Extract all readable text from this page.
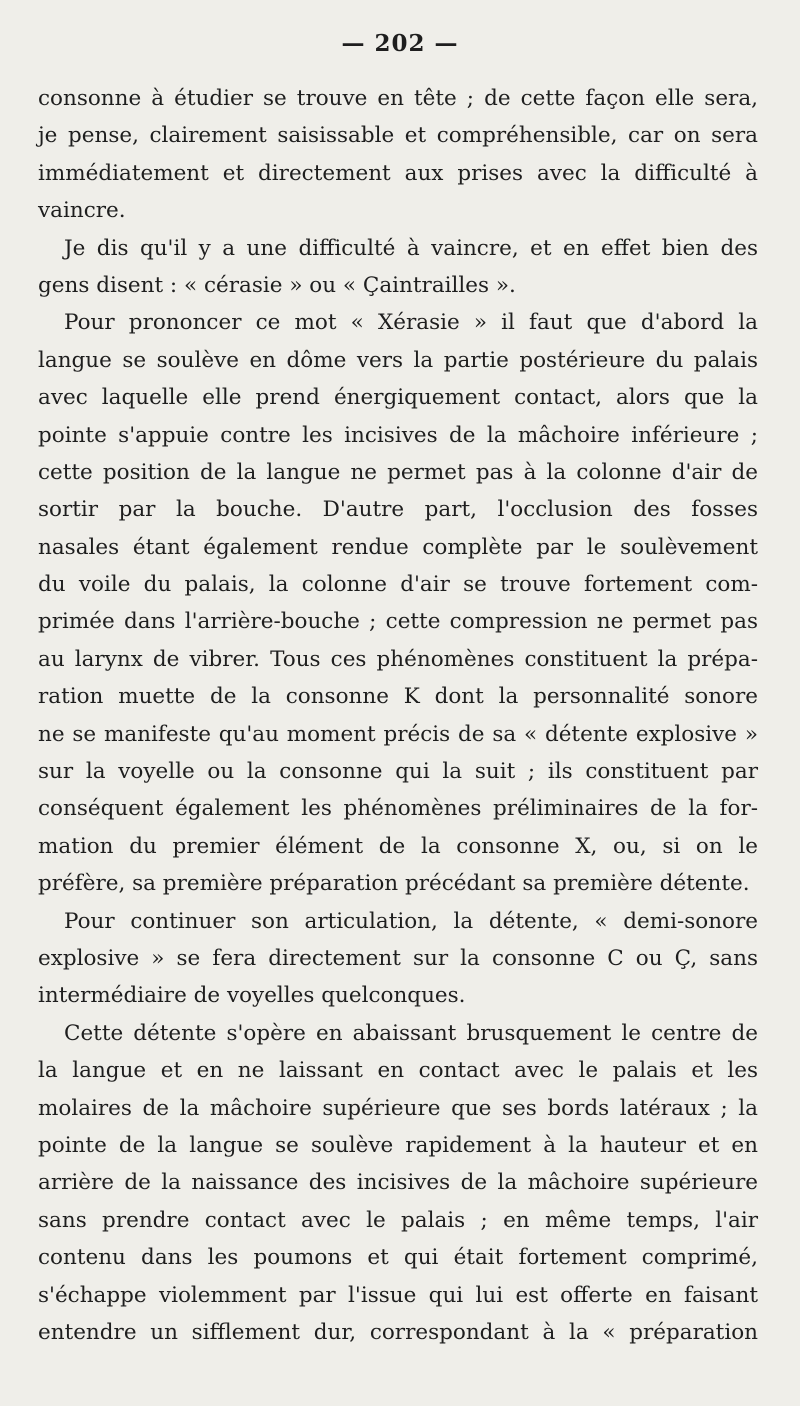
— 202 —
consonne à étudier se trouve en tête ; de cette façon elle sera,
je pense, clairement saisissable et compréhensible, car on sera
immédiatement et directement aux prises avec la difficulté à
vaincre.
Je dis qu'il y a une difficulté à vaincre, et en effet bien des
gens disent : « cérasie » ou « Çaintrailles ».
Pour prononcer ce mot « Xérasie » il faut que d'abord la
langue se soulève en dôme vers la partie postérieure du palais
avec laquelle elle prend énergiquement contact, alors que la
pointe s'appuie contre les incisives de la mâchoire inférieure ;
cette position de la langue ne permet pas à la colonne d'air de
sortir par la bouche. D'autre part, l'occlusion des fosses
nasales étant également rendue complète par le soulèvement
du voile du palais, la colonne d'air se trouve fortement com-
primée dans l'arrière-bouche ; cette compression ne permet pas
au larynx de vibrer. Tous ces phénomènes constituent la prépa-
ration muette de la consonne K dont la personnalité sonore
ne se manifeste qu'au moment précis de sa « détente explosive »
sur la voyelle ou la consonne qui la suit ; ils constituent par
conséquent également les phénomènes préliminaires de la for-
mation du premier élément de la consonne X, ou, si on le
préfère, sa première préparation précédant sa première détente.
Pour continuer son articulation, la détente, « demi-sonore
explosive » se fera directement sur la consonne C ou Ç, sans
intermédiaire de voyelles quelconques.
Cette détente s'opère en abaissant brusquement le centre de
la langue et en ne laissant en contact avec le palais et les
molaires de la mâchoire supérieure que ses bords latéraux ; la
pointe de la langue se soulève rapidement à la hauteur et en
arrière de la naissance des incisives de la mâchoire supérieure
sans prendre contact avec le palais ; en même temps, l'air
contenu dans les poumons et qui était fortement comprimé,
s'échappe violemment par l'issue qui lui est offerte en faisant
entendre un sifflement dur, correspondant à la « préparation
